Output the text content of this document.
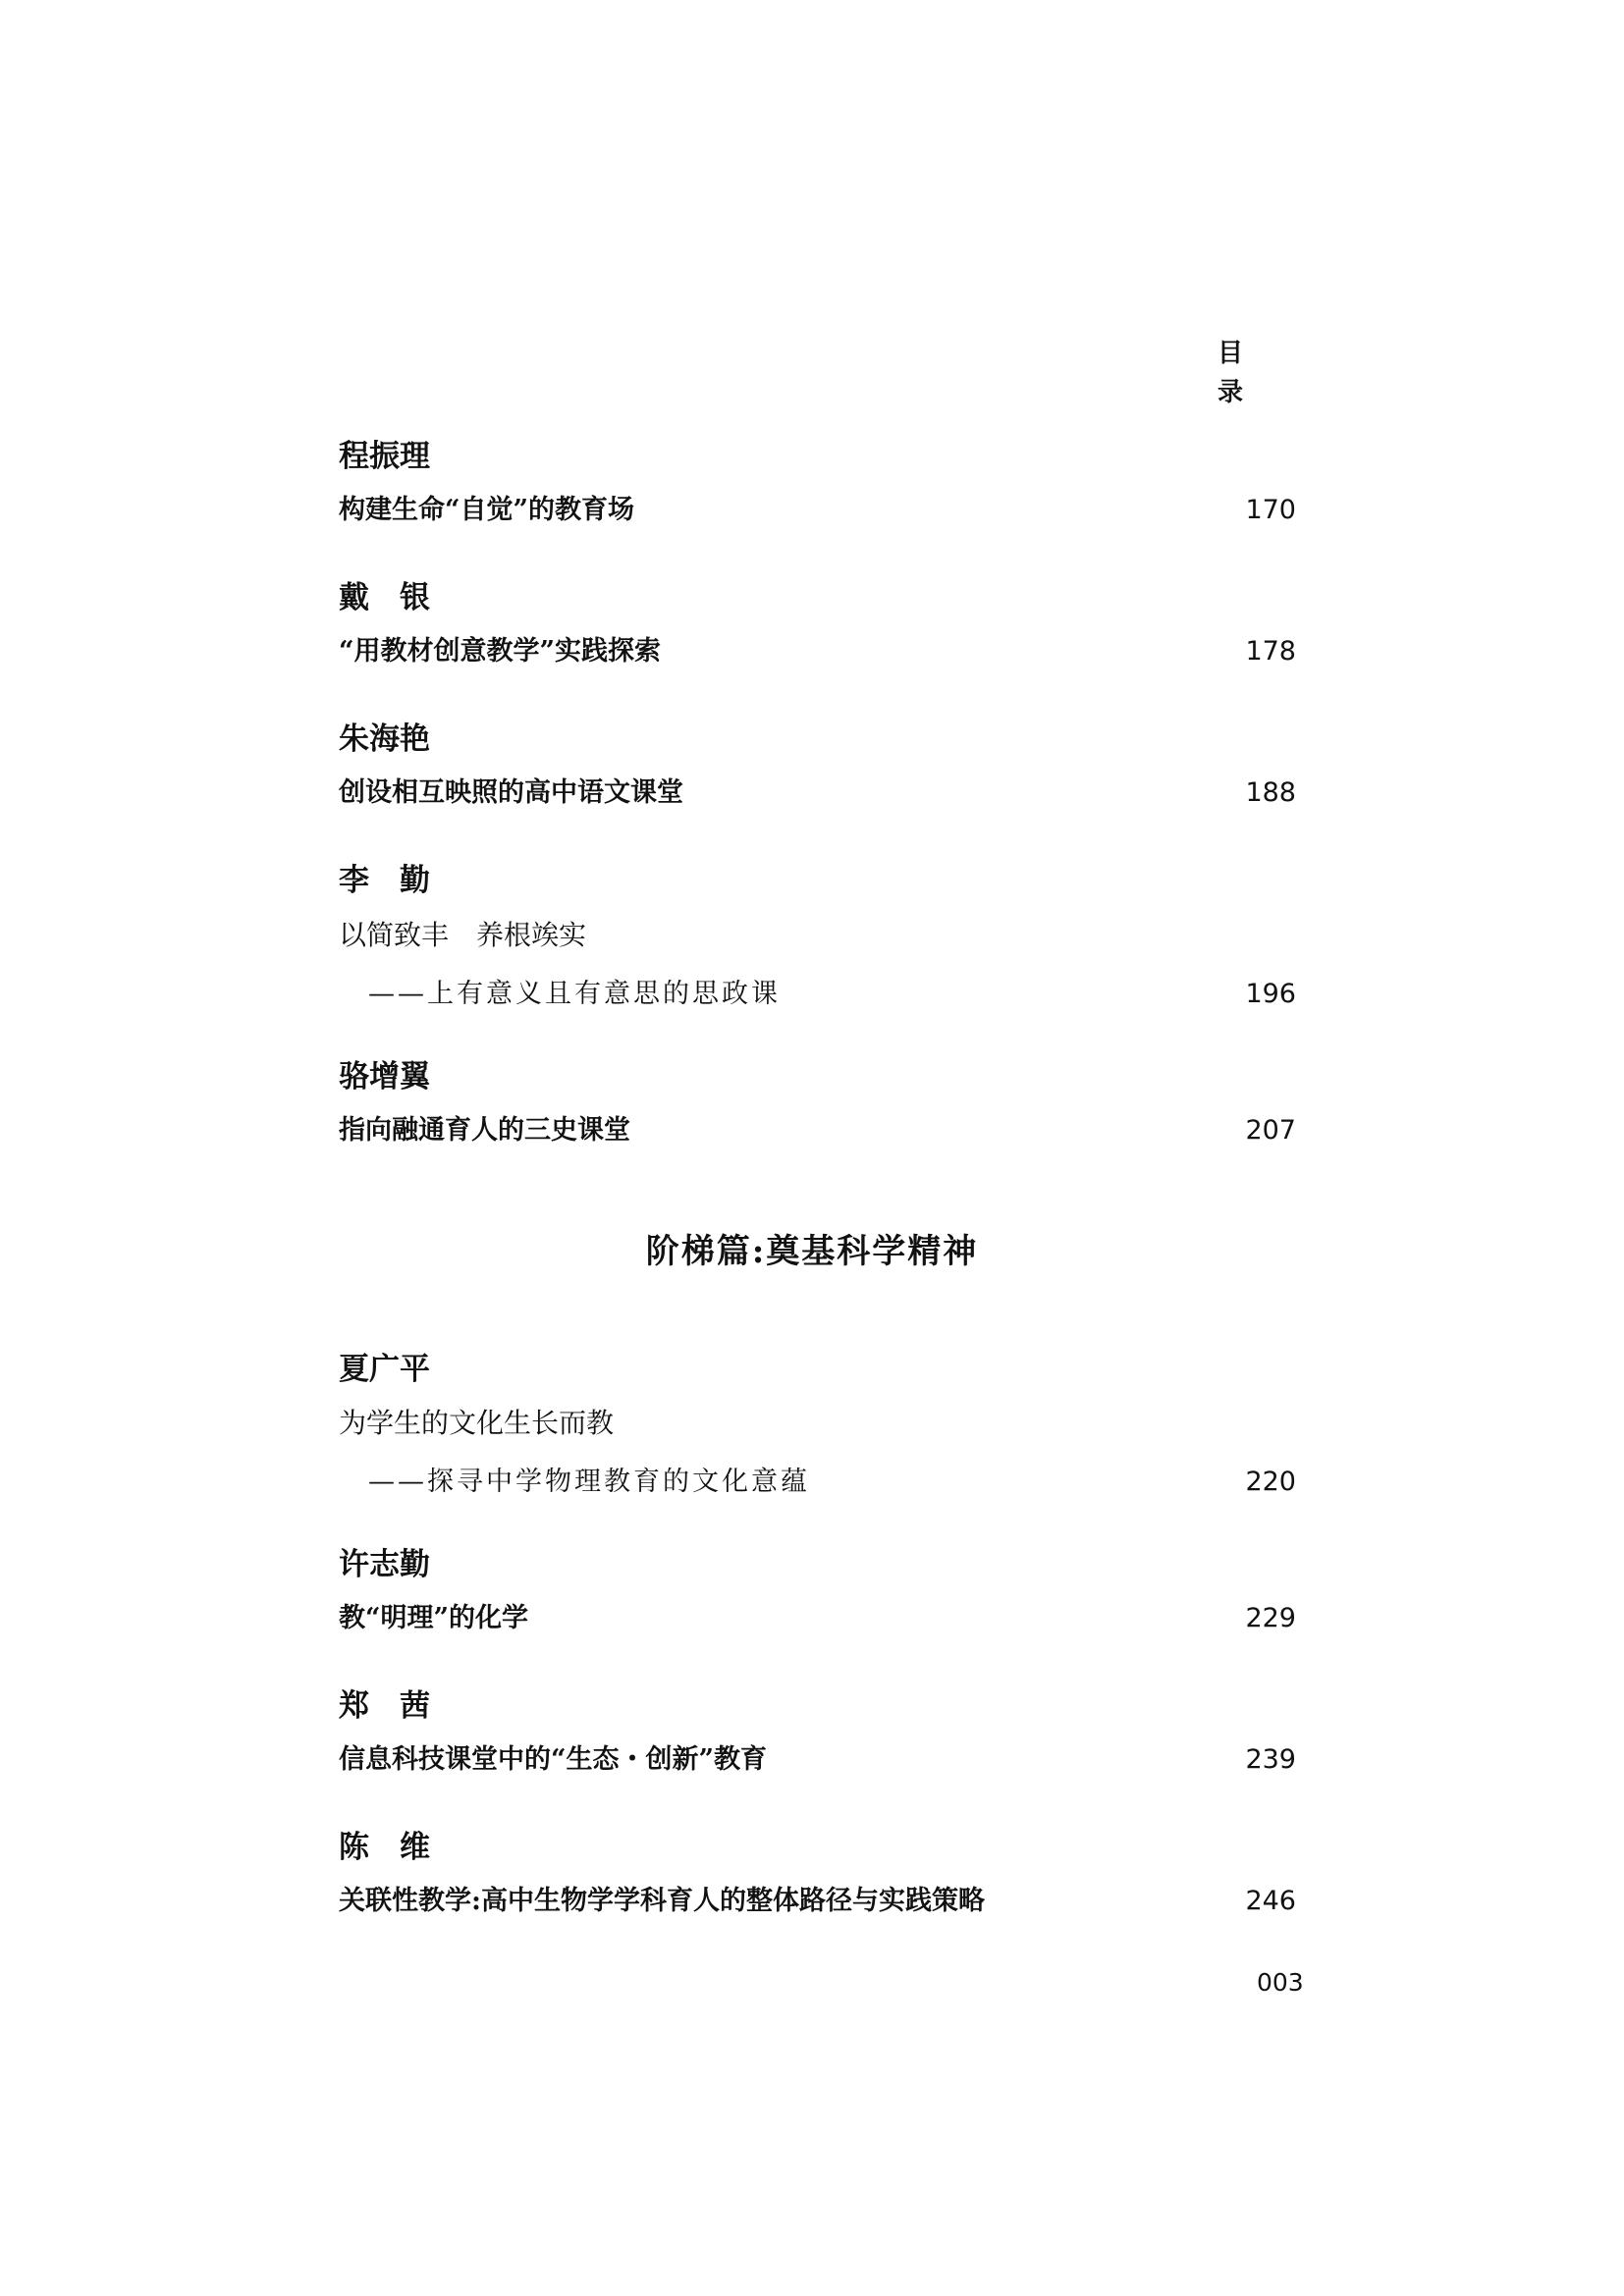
目 录
程振理
构建生命“自觉”的教育场	170
戴　银
“用教材创意教学”实践探索	178
朱海艳
创设相互映照的高中语文课堂	188
李　勤
以简致丰　养根竢实
——上有意义且有意思的思政课	196
骆增翼
指向融通育人的三史课堂	207
阶梯篇:奠基科学精神
夏广平
为学生的文化生长而教
——探寻中学物理教育的文化意蕴	220
许志勤
教“明理”的化学	229
郑　茜
信息科技课堂中的“生态・创新”教育	239
陈　维
关联性教学:高中生物学学科育人的整体路径与实践策略	246
003
